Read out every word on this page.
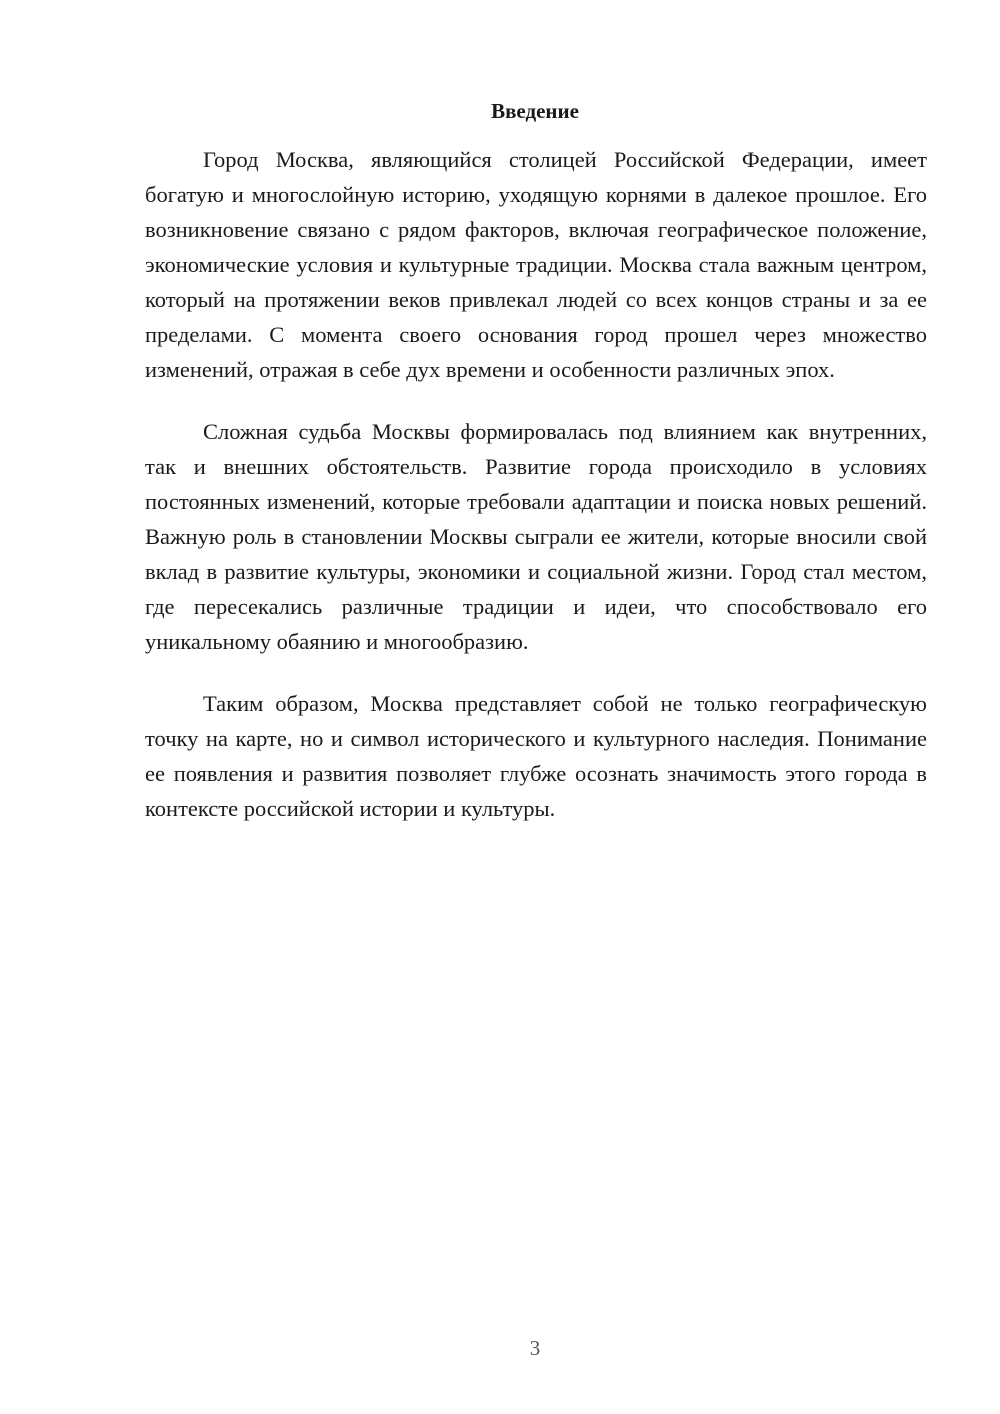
Введение

Город Москва, являющийся столицей Российской Федерации, имеет богатую и многослойную историю, уходящую корнями в далекое прошлое. Его возникновение связано с рядом факторов, включая географическое положение, экономические условия и культурные традиции. Москва стала важным центром, который на протяжении веков привлекал людей со всех концов страны и за ее пределами. С момента своего основания город прошел через множество изменений, отражая в себе дух времени и особенности различных эпох.

Сложная судьба Москвы формировалась под влиянием как внутренних, так и внешних обстоятельств. Развитие города происходило в условиях постоянных изменений, которые требовали адаптации и поиска новых решений. Важную роль в становлении Москвы сыграли ее жители, которые вносили свой вклад в развитие культуры, экономики и социальной жизни. Город стал местом, где пересекались различные традиции и идеи, что способствовало его уникальному обаянию и многообразию.

Таким образом, Москва представляет собой не только географическую точку на карте, но и символ исторического и культурного наследия. Понимание ее появления и развития позволяет глубже осознать значимость этого города в контексте российской истории и культуры.

3
